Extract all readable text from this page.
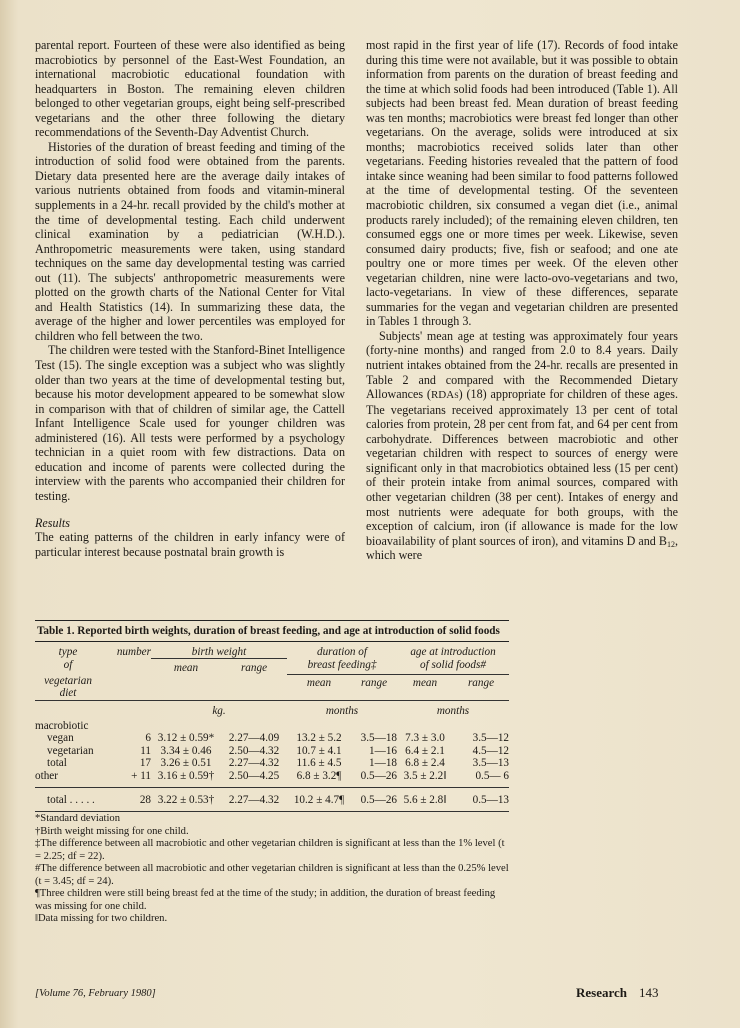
parental report. Fourteen of these were also identified as being macrobiotics by personnel of the East-West Foundation, an international macrobiotic educational foundation with headquarters in Boston. The remaining eleven children belonged to other vegetarian groups, eight being self-prescribed vegetarians and the other three following the dietary recommendations of the Seventh-Day Adventist Church.

Histories of the duration of breast feeding and timing of the introduction of solid food were obtained from the parents. Dietary data presented here are the average daily intakes of various nutrients obtained from foods and vitamin-mineral supplements in a 24-hr. recall provided by the child's mother at the time of developmental testing. Each child underwent clinical examination by a pediatrician (W.H.D.). Anthropometric measurements were taken, using standard techniques on the same day developmental testing was carried out (11). The subjects' anthropometric measurements were plotted on the growth charts of the National Center for Vital and Health Statistics (14). In summarizing these data, the average of the higher and lower percentiles was employed for children who fell between the two.

The children were tested with the Stanford-Binet Intelligence Test (15). The single exception was a subject who was slightly older than two years at the time of developmental testing but, because his motor development appeared to be somewhat slow in comparison with that of children of similar age, the Cattell Infant Intelligence Scale used for younger children was administered (16). All tests were performed by a psychology technician in a quiet room with few distractions. Data on education and income of parents were collected during the interview with the parents who accompanied their children for testing.

Results

The eating patterns of the children in early infancy were of particular interest because postnatal brain growth is

most rapid in the first year of life (17). Records of food intake during this time were not available, but it was possible to obtain information from parents on the duration of breast feeding and the time at which solid foods had been introduced (Table 1). All subjects had been breast fed. Mean duration of breast feeding was ten months; macrobiotics were breast fed longer than other vegetarians. On the average, solids were introduced at six months; macrobiotics received solids later than other vegetarians. Feeding histories revealed that the pattern of food intake since weaning had been similar to food patterns followed at the time of developmental testing. Of the seventeen macrobiotic children, six consumed a vegan diet (i.e., animal products rarely included); of the remaining eleven children, ten consumed eggs one or more times per week. Likewise, seven consumed dairy products; five, fish or seafood; and one ate poultry one or more times per week. Of the eleven other vegetarian children, nine were lacto-ovo-vegetarians and two, lacto-vegetarians. In view of these differences, separate summaries for the vegan and vegetarian children are presented in Tables 1 through 3.

Subjects' mean age at testing was approximately four years (forty-nine months) and ranged from 2.0 to 8.4 years. Daily nutrient intakes obtained from the 24-hr. recalls are presented in Table 2 and compared with the Recommended Dietary Allowances (RDAs) (18) appropriate for children of these ages. The vegetarians received approximately 13 per cent of total calories from protein, 28 per cent from fat, and 64 per cent from carbohydrate. Differences between macrobiotic and other vegetarian children with respect to sources of energy were significant only in that macrobiotics obtained less (15 per cent) of their protein intake from animal sources, compared with other vegetarian children (38 per cent). Intakes of energy and most nutrients were adequate for both groups, with the exception of calcium, iron (if allowance is made for the low bioavailability of plant sources of iron), and vitamins D and $B_{12}$, which were

Table 1. Reported birth weights, duration of breast feeding, and age at introduction of solid foods
type	number	birth weight		duration of		age at introduction	
of		mean	range	breast feeding‡		of solid foods#	
vegetarian							
diet				mean	range	mean	range
		kg.		months		months	
macrobiotic							
vegan	6	3.12 ± 0.59*	2.27—4.09	13.2 ± 5.2	3.5—18	7.3 ± 3.0	3.5—12
vegetarian	11	3.34 ± 0.46	2.50—4.32	10.7 ± 4.1	1—16	6.4 ± 2.1	4.5—12
total	17	3.26 ± 0.51	2.27—4.32	11.6 ± 4.5	1—18	6.8 ± 2.4	3.5—13
other	+ 11	3.16 ± 0.59†	2.50—4.25	6.8 ± 3.2¶	0.5—26	3.5 ± 2.2‖	0.5— 6
total . . . . .	28	3.22 ± 0.53†	2.27—4.32	10.2 ± 4.7¶	0.5—26	5.6 ± 2.8‖	0.5—13
*Standard deviation
†Birth weight missing for one child.
‡The difference between all macrobiotic and other vegetarian children is significant at less than the 1% level (t = 2.25; df = 22).
#The difference between all macrobiotic and other vegetarian children is significant at less than the 0.25% level (t = 3.45; df = 24).
¶Three children were still being breast fed at the time of the study; in addition, the duration of breast feeding was missing for one child.
‖Data missing for two children.
[Volume 76, February 1980]	Research 143
